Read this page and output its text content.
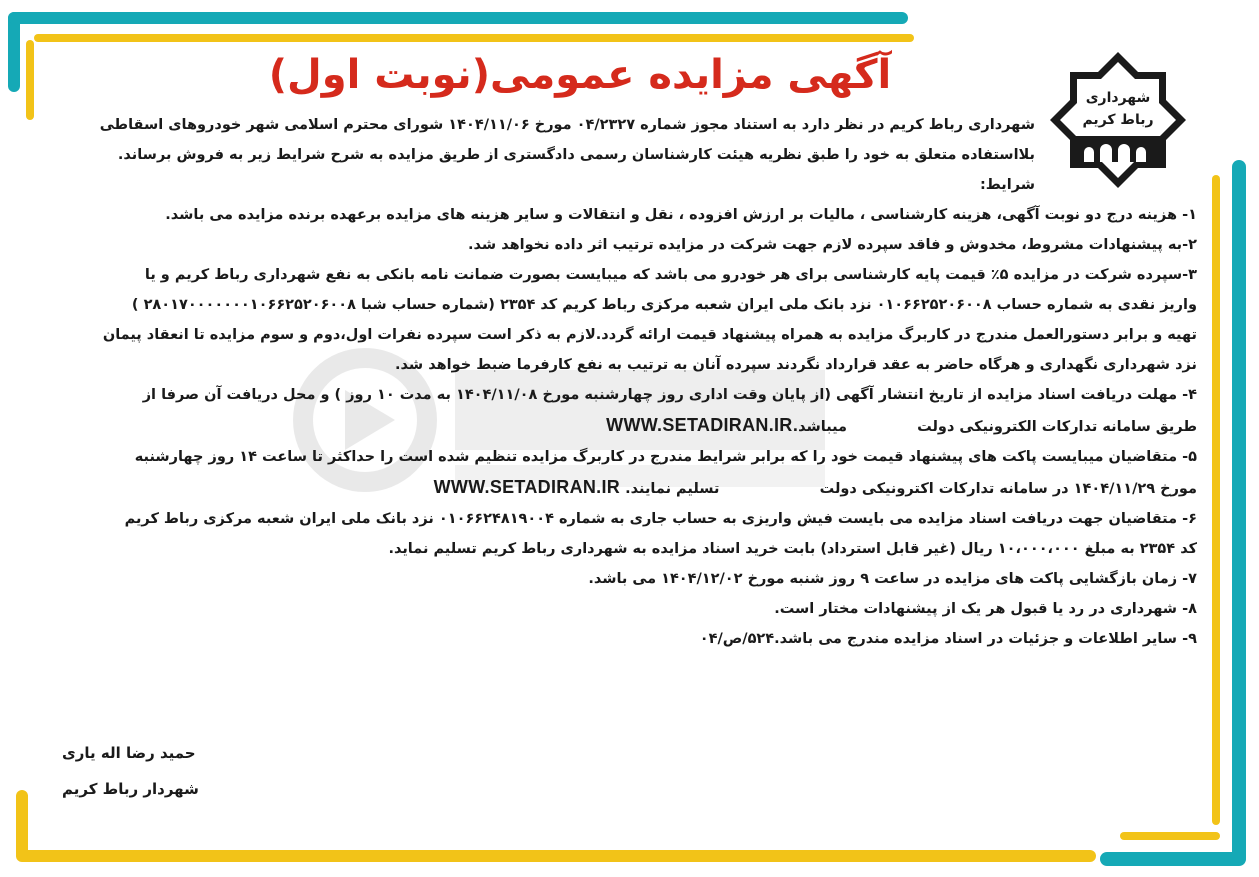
شهرداری
رباط کریم
آگهی مزایده عمومی(نوبت اول)
شهرداری رباط کریم در نظر دارد به استناد مجوز شماره ۰۴/۲۳۲۷ مورخ ۱۴۰۴/۱۱/۰۶ شورای محترم اسلامی شهر خودروهای اسقاطی
بلااستفاده متعلق به خود را طبق نظریه هیئت کارشناسان رسمی دادگستری از طریق مزایده به شرح شرایط زیر به فروش برساند.
شرایط:
۱- هزینه درج دو نوبت آگهی، هزینه کارشناسی ، مالیات بر ارزش افزوده ، نقل و انتقالات و سایر هزینه های مزایده برعهده برنده مزایده می باشد.
۲-به پیشنهادات مشروط، مخدوش و فاقد سپرده لازم جهت شرکت در مزایده ترتیب اثر داده نخواهد شد.
۳-سپرده شرکت در مزایده ۵٪ قیمت پایه کارشناسی برای هر خودرو می باشد که میبایست بصورت ضمانت نامه بانکی به نفع شهرداری رباط کریم و یا
واریز نقدی به شماره حساب ۰۱۰۶۶۲۵۲۰۶۰۰۸ نزد بانک ملی ایران شعبه مرکزی رباط کریم کد ۲۳۵۴ (شماره حساب شبا ۲۸۰۱۷۰۰۰۰۰۰۰۱۰۶۶۲۵۲۰۶۰۰۸ )
تهیه و برابر دستورالعمل مندرج در کاربرگ مزایده به همراه پیشنهاد قیمت ارائه گردد.لازم به ذکر است سپرده نفرات اول،دوم و سوم مزایده تا انعقاد پیمان
نزد شهرداری نگهداری و هرگاه حاضر به عقد قرارداد نگردند سپرده آنان به ترتیب به نفع کارفرما ضبط خواهد شد.
۴- مهلت دریافت اسناد مزایده از تاریخ انتشار آگهی (از پایان وقت اداری روز چهارشنبه مورخ ۱۴۰۴/۱۱/۰۸ به مدت ۱۰ روز ) و محل دریافت آن صرفا از
طریق سامانه تدارکات الکترونیکی دولت  میباشد.WWW.SETADIRAN.IR
۵- متقاضیان میبایست پاکت های پیشنهاد قیمت خود را که برابر شرایط مندرج در کاربرگ مزایده تنظیم شده است را حداکثر تا ساعت ۱۴ روز چهارشنبه
مورخ ۱۴۰۴/۱۱/۲۹ در سامانه تدارکات اکترونیکی دولت  تسلیم نمایند. WWW.SETADIRAN.IR
۶- متقاضیان جهت دریافت اسناد مزایده می بایست فیش واریزی به حساب جاری به شماره ۰۱۰۶۶۲۴۸۱۹۰۰۴ نزد بانک ملی ایران شعبه مرکزی رباط کریم
کد ۲۳۵۴ به مبلغ ۱۰،۰۰۰،۰۰۰ ریال (غیر قابل استرداد) بابت خرید اسناد مزایده به شهرداری رباط کریم تسلیم نماید.
۷- زمان بازگشایی پاکت های مزایده در ساعت ۹ روز شنبه مورخ ۱۴۰۴/۱۲/۰۲ می باشد.
۸- شهرداری در رد یا قبول هر یک از پیشنهادات مختار است.
۹- سایر اطلاعات و جزئیات در اسناد مزایده مندرج می باشد.۵۲۴/ص/۰۴
حمید رضا اله یاری
شهردار رباط کریم
